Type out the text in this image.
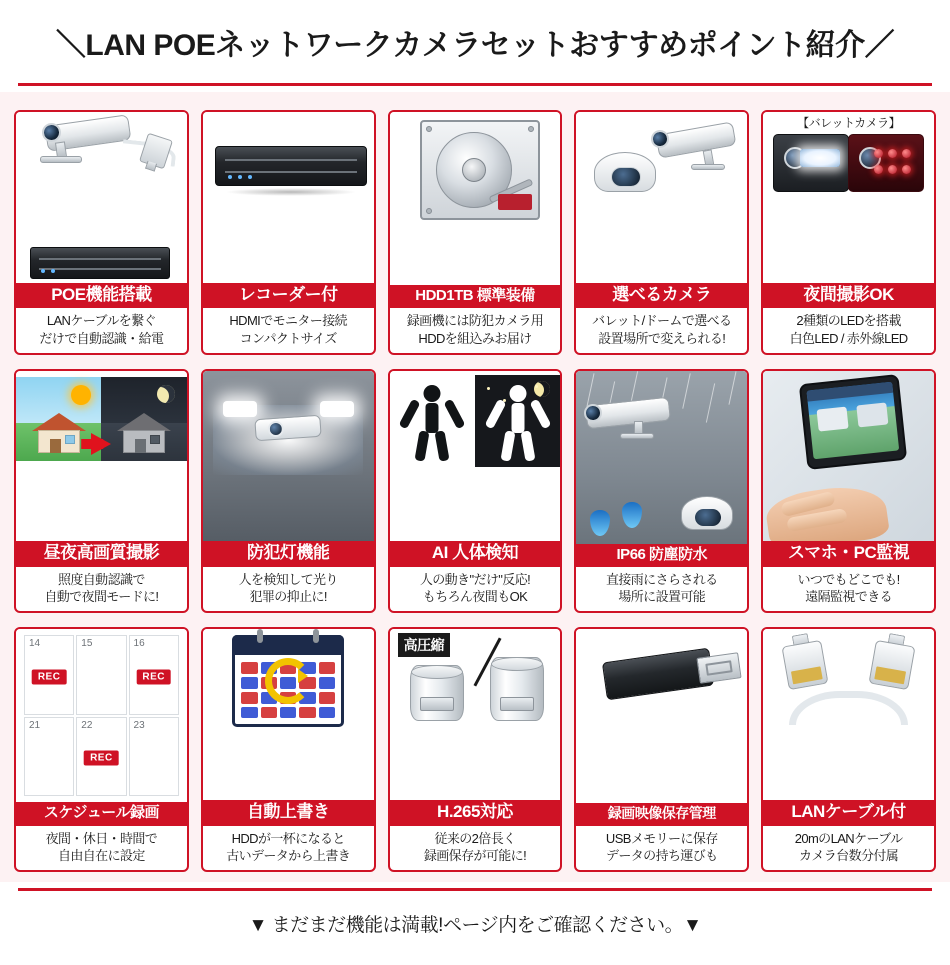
＼LAN POEネットワークカメラセットおすすめポイント紹介／
POE機能搭載
LANケーブルを繋ぐ
だけで自動認識・給電
レコーダー付
HDMIでモニター接続
コンパクトサイズ
HDD1TB 標準装備
録画機には防犯カメラ用
HDDを組込みお届け
選べるカメラ
バレット/ドームで選べる
設置場所で変えられる!
【バレットカメラ】
夜間撮影OK
2種類のLEDを搭載
白色LED / 赤外線LED
昼夜高画質撮影
照度自動認識で
自動で夜間モードに!
防犯灯機能
人を検知して光り
犯罪の抑止に!
AI 人体検知
人の動き"だけ"反応!
もちろん夜間もOK
IP66 防塵防水
直接雨にさらされる
場所に設置可能
スマホ・PC監視
いつでもどこでも!
遠隔監視できる
14
REC
15	16
REC
21	22
REC
23
スケジュール録画
夜間・休日・時間で
自由自在に設定
自動上書き
HDDが一杯になると
古いデータから上書き
高圧縮
H.265対応
従来の2倍長く
録画保存が可能に!
録画映像保存管理
USBメモリーに保存
データの持ち運びも
LANケーブル付
20mのLANケーブル
カメラ台数分付属
▼ まだまだ機能は満載!ページ内をご確認ください。▼
